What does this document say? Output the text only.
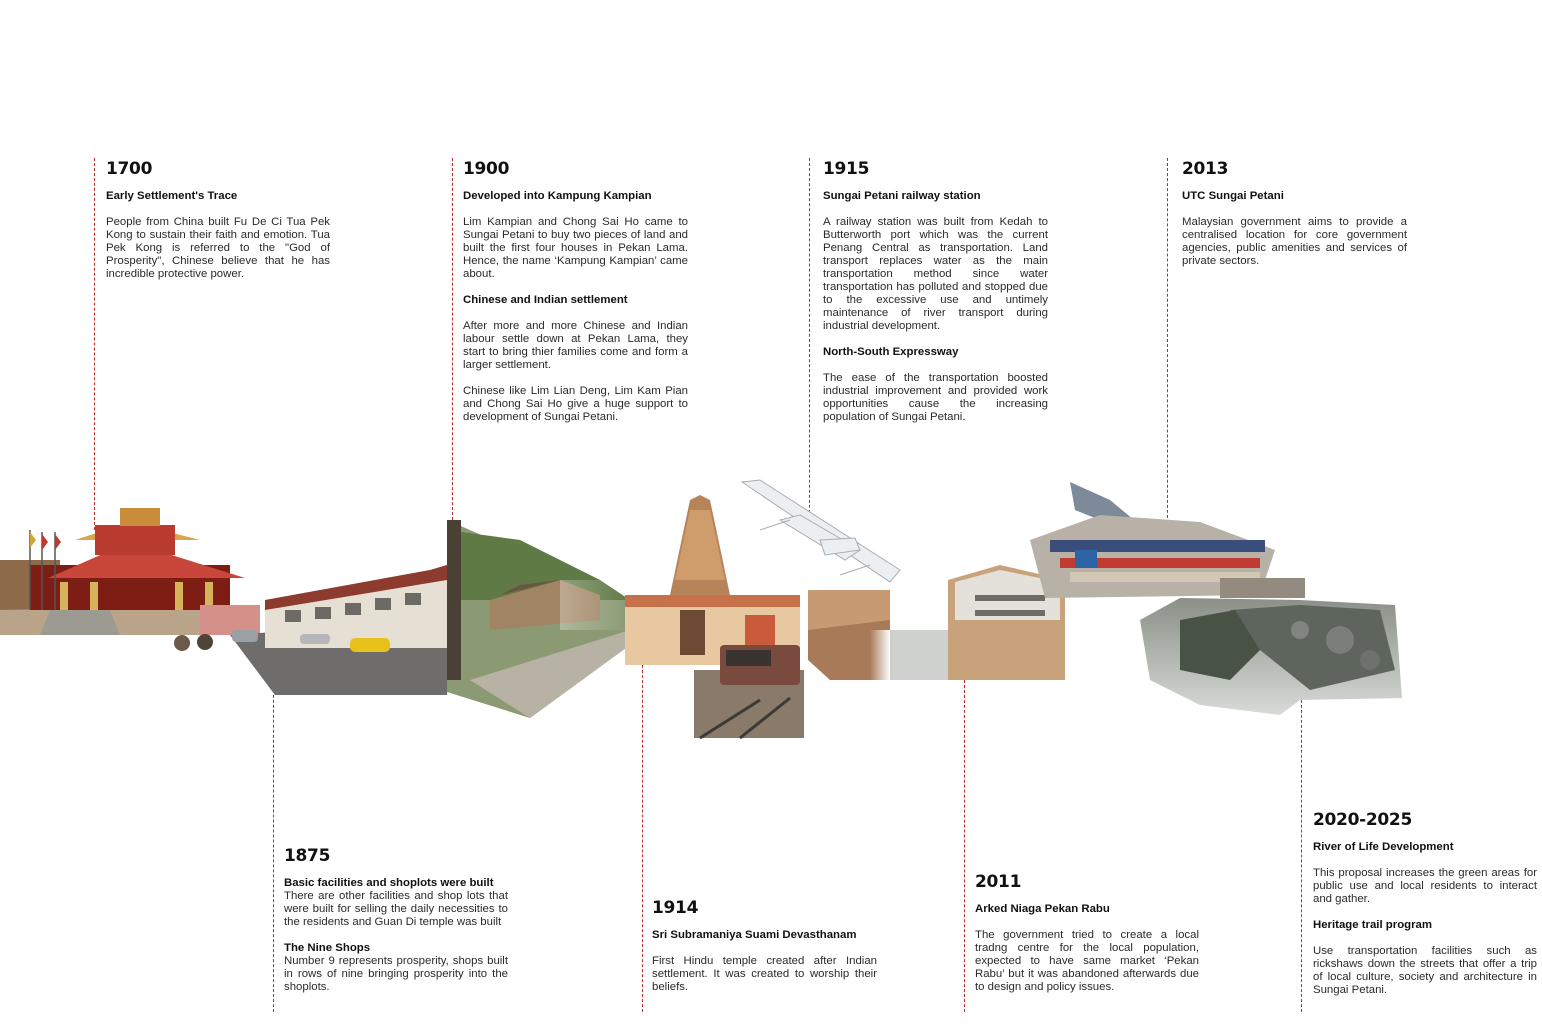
1700
Early Settlement's Trace
People from China built Fu De Ci Tua Pek Kong to sustain their faith and emotion. Tua Pek Kong is referred to the "God of Prosperity", Chinese believe that he has incredible protective power.
1900
Developed into Kampung Kampian
Lim Kampian and Chong Sai Ho came to Sungai Petani to buy two pieces of land and built the first four houses in Pekan Lama. Hence, the name ‘Kampung Kampian’ came about.
Chinese and Indian settlement
After more and more Chinese and Indian labour settle down at Pekan Lama, they start to bring thier families come and form a larger settlement.
Chinese like Lim Lian Deng, Lim Kam Pian and Chong Sai Ho give a huge support to development of Sungai Petani.
1915
Sungai Petani railway station
A railway station was built from Kedah to Butterworth port which was the current Penang Central as transportation. Land transport replaces water as the main transportation method since water transportation has polluted and stopped due to the excessive use and untimely maintenance of river transport during industrial development.
North-South Expressway
The ease of the transportation boosted industrial improvement and provided work opportunities cause the increasing population of Sungai Petani.
2013
UTC Sungai Petani
Malaysian government aims to provide a centralised location for core government agencies, public amenities and services of private sectors.
1875
Basic facilities and shoplots were built
There are other facilities and shop lots that were built for selling the daily necessities to the residents and Guan Di temple was built
The Nine Shops
Number 9 represents prosperity, shops built in rows of nine bringing prosperity into the shoplots.
1914
Sri Subramaniya Suami Devasthanam
First Hindu temple created after Indian settlement. It was created to worship their beliefs.
2011
Arked Niaga Pekan Rabu
The government tried to create a local tradng centre for the local population, expected to have same market ‘Pekan Rabu’ but it was abandoned afterwards due to design and policy issues.
2020-2025
River of Life Development
This proposal increases the green areas for public use and local residents to interact and gather.
Heritage trail program
Use transportation facilities such as rickshaws down the streets that offer a trip of local culture, society and architecture in Sungai Petani.
